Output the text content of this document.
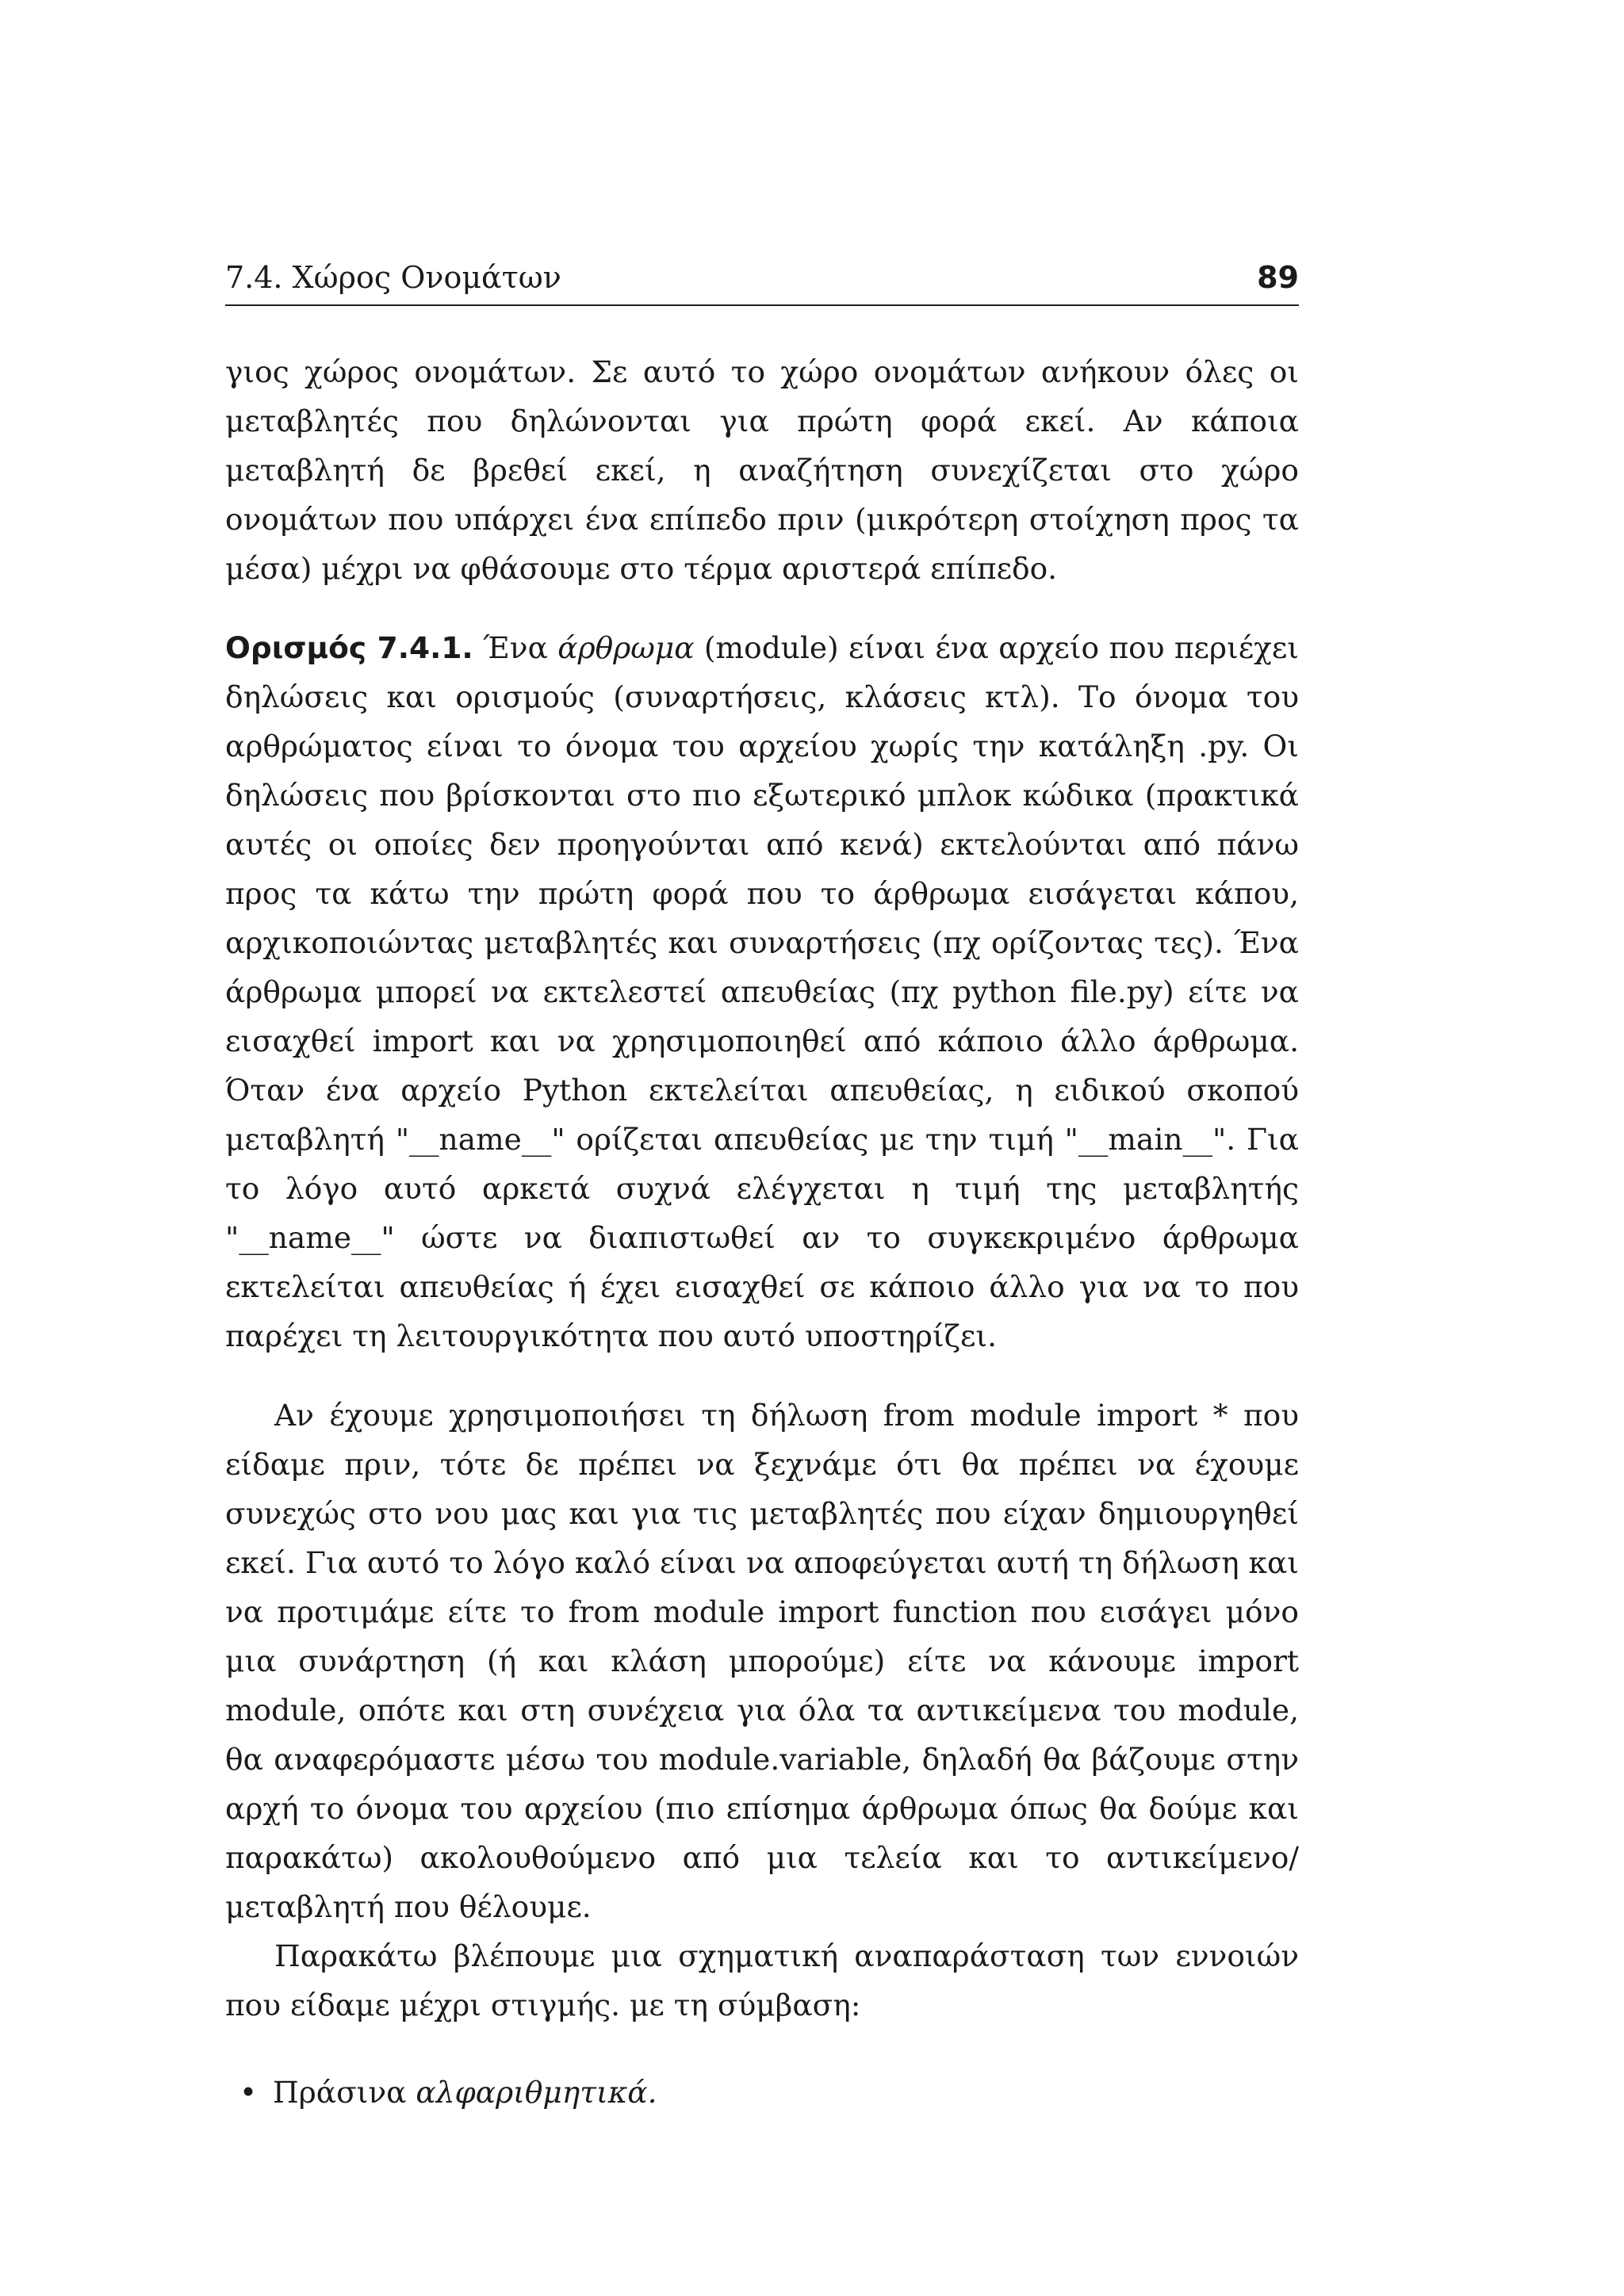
7.4. Χώρος Ονομάτων	89

γιος χώρος ονομάτων. Σε αυτό το χώρο ονομάτων ανήκουν όλες οι μεταβλητές που δηλώνονται για πρώτη φορά εκεί. Αν κάποια μεταβλητή δε βρεθεί εκεί, η αναζήτηση συνεχίζεται στο χώρο ονομάτων που υπάρχει ένα επίπεδο πριν (μικρότερη στοίχηση προς τα μέσα) μέχρι να φθάσουμε στο τέρμα αριστερά επίπεδο.

Ορισμός 7.4.1. Ένα άρθρωμα (module) είναι ένα αρχείο που περιέχει δηλώσεις και ορισμούς (συναρτήσεις, κλάσεις κτλ). Το όνομα του αρθρώματος είναι το όνομα του αρχείου χωρίς την κατάληξη .py. Οι δηλώσεις που βρίσκονται στο πιο εξωτερικό μπλοκ κώδικα (πρακτικά αυτές οι οποίες δεν προηγούνται από κενά) εκτελούνται από πάνω προς τα κάτω την πρώτη φορά που το άρθρωμα εισάγεται κάπου, αρχικοποιώντας μεταβλητές και συναρτήσεις (πχ ορίζοντας τες). Ένα άρθρωμα μπορεί να εκτελεστεί απευθείας (πχ python file.py) είτε να εισαχθεί import και να χρησιμοποιηθεί από κάποιο άλλο άρθρωμα. Όταν ένα αρχείο Python εκτελείται απευθείας, η ειδικού σκοπού μεταβλητή "__name__" ορίζεται απευθείας με την τιμή "__main__". Για το λόγο αυτό αρκετά συχνά ελέγχεται η τιμή της μεταβλητής "__name__" ώστε να διαπιστωθεί αν το συγκεκριμένο άρθρωμα εκτελείται απευθείας ή έχει εισαχθεί σε κάποιο άλλο για να το που παρέχει τη λειτουργικότητα που αυτό υποστηρίζει.

Αν έχουμε χρησιμοποιήσει τη δήλωση from module import * που είδαμε πριν, τότε δε πρέπει να ξεχνάμε ότι θα πρέπει να έχουμε συνεχώς στο νου μας και για τις μεταβλητές που είχαν δημιουργηθεί εκεί. Για αυτό το λόγο καλό είναι να αποφεύγεται αυτή τη δήλωση και να προτιμάμε είτε το from module import function που εισάγει μόνο μια συνάρτηση (ή και κλάση μπορούμε) είτε να κάνουμε import module, οπότε και στη συνέχεια για όλα τα αντικείμενα του module, θα αναφερόμαστε μέσω του module.variable, δηλαδή θα βάζουμε στην αρχή το όνομα του αρχείου (πιο επίσημα άρθρωμα όπως θα δούμε και παρακάτω) ακολουθούμενο από μια τελεία και το αντικείμενο/μεταβλητή που θέλουμε.

Παρακάτω βλέπουμε μια σχηματική αναπαράσταση των εννοιών που είδαμε μέχρι στιγμής. με τη σύμβαση:

• Πράσινα αλφαριθμητικά.
